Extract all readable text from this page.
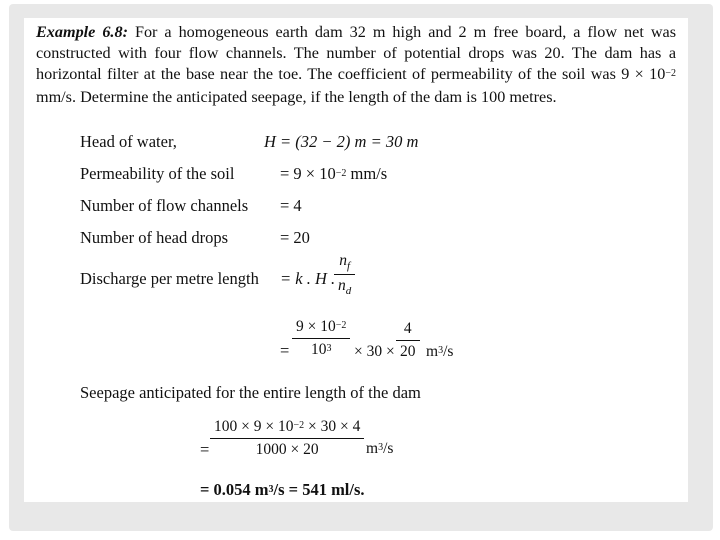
Example 6.8: For a homogeneous earth dam 32 m high and 2 m free board, a flow net was constructed with four flow channels. The number of potential drops was 20. The dam has a horizontal filter at the base near the toe. The coefficient of permeability of the soil was $9 \times 10^{-2}$ mm/s. Determine the anticipated seepage, if the length of the dam is 100 metres.
Head of water,	H = (32 − 2) m = 30 m
Permeability of the soil	= $9 \times 10^{-2}$ mm/s
Number of flow channels = 4
Number of head drops	= 20
Discharge per metre length = k . H .
$n_f$
$n_d$
=
$9 \times 10^{-2}$
$10^3 \times 30$ ×
4
20 $m^3/s$
Seepage anticipated for the entire length of the dam
=
$100 \times 9 \times 10^{-2} \times 30 \times 4$
1000 × 20	$m^3/s$
= 0.054 $m^3/s = 541$ ml/s.
